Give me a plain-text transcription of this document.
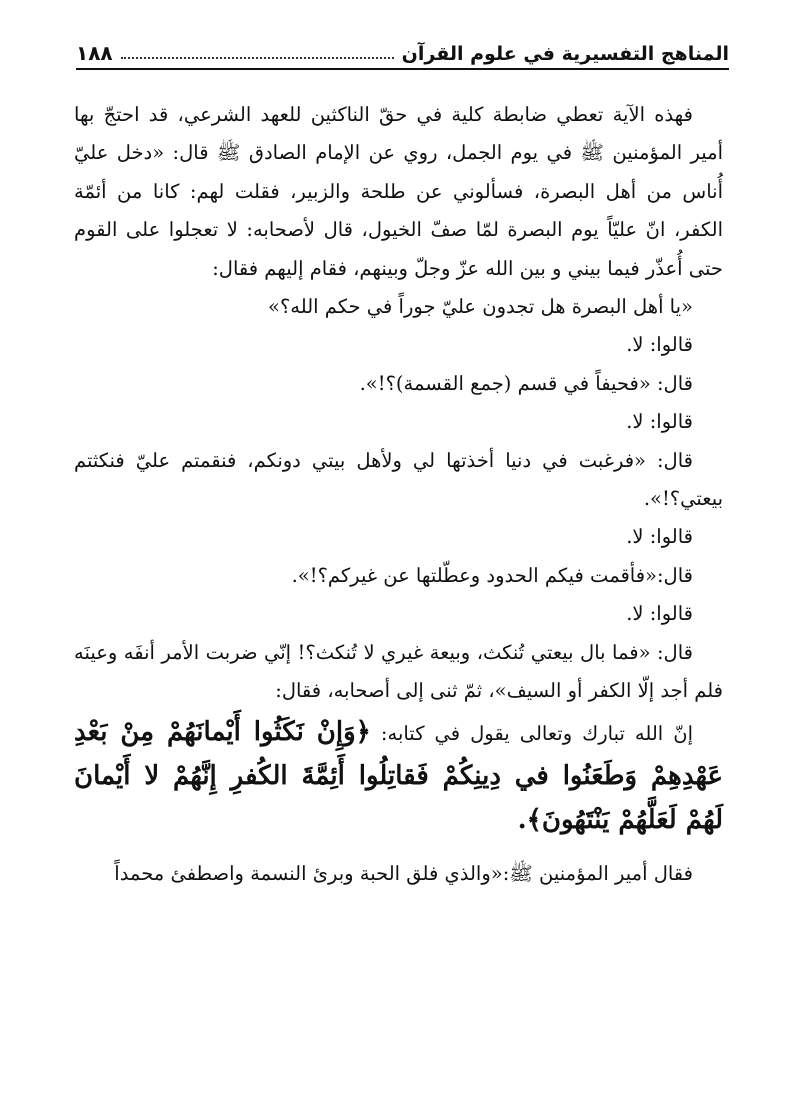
المناهج التفسيرية في علوم القرآن
١٨٨

فهذه الآية تعطي ضابطة كلية في حقّ الناكثين للعهد الشرعي، قد احتجّ بها أمير المؤمنين ﷺ في يوم الجمل، روي عن الإمام الصادق ﷺ قال: «دخل عليّ أُناس من أهل البصرة، فسألوني عن طلحة والزبير، فقلت لهم: كانا من أئمّة الكفر، انّ عليّاً يوم البصرة لمّا صفّ الخيول، قال لأصحابه: لا تعجلوا على القوم حتى أُعذّر فيما بيني و بين الله عزّ وجلّ وبينهم، فقام إليهم فقال:

«يا أهل البصرة هل تجدون عليّ جوراً في حكم الله؟»

قالوا: لا.

قال: «فحيفاً في قسم (جمع القسمة)؟!».

قالوا: لا.

قال: «فرغبت في دنيا أخذتها لي ولأهل بيتي دونكم، فنقمتم عليّ فنكثتم بيعتي؟!».

قالوا: لا.

قال:«فأقمت فيكم الحدود وعطّلتها عن غيركم؟!».

قالوا: لا.

قال: «فما بال بيعتي تُنكث، وبيعة غيري لا تُنكث؟! إنّي ضربت الأمر أنفَه وعينَه فلم أجد إلّا الكفر أو السيف»، ثمّ ثنى إلى أصحابه، فقال:

إنّ الله تبارك وتعالى يقول في كتابه: ﴿وَإِنْ نَكَثُوا أَيْمانَهُمْ مِنْ بَعْدِ عَهْدِهِمْ وَطَعَنُوا في دِينِكُمْ فَقاتِلُوا أَئِمَّةَ الكُفرِ إِنَّهُمْ لا أَيْمانَ لَهُمْ لَعَلَّهُمْ يَنْتَهُونَ﴾.

فقال أمير المؤمنين ﷺ:«والذي فلق الحبة وبرئ النسمة واصطفئ محمداً
